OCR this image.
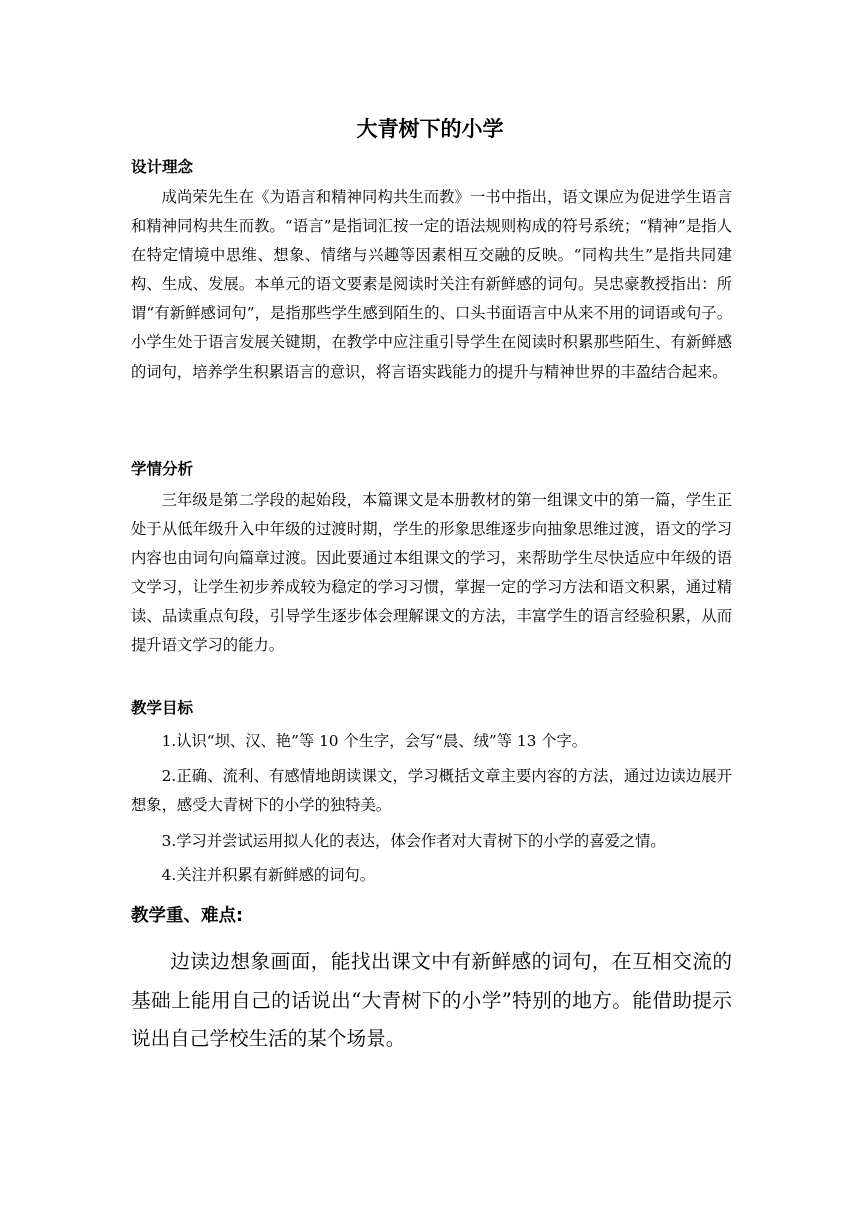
大青树下的小学
设计理念

成尚荣先生在《为语言和精神同构共生而教》一书中指出，语文课应为促进学生语言和精神同构共生而教。“语言”是指词汇按一定的语法规则构成的符号系统；“精神”是指人在特定情境中思维、想象、情绪与兴趣等因素相互交融的反映。“同构共生”是指共同建构、生成、发展。本单元的语文要素是阅读时关注有新鲜感的词句。吴忠豪教授指出：所谓“有新鲜感词句”，是指那些学生感到陌生的、口头书面语言中从来不用的词语或句子。小学生处于语言发展关键期，在教学中应注重引导学生在阅读时积累那些陌生、有新鲜感的词句，培养学生积累语言的意识，将言语实践能力的提升与精神世界的丰盈结合起来。

学情分析

三年级是第二学段的起始段，本篇课文是本册教材的第一组课文中的第一篇，学生正处于从低年级升入中年级的过渡时期，学生的形象思维逐步向抽象思维过渡，语文的学习内容也由词句向篇章过渡。因此要通过本组课文的学习，来帮助学生尽快适应中年级的语文学习，让学生初步养成较为稳定的学习习惯，掌握一定的学习方法和语文积累，通过精读、品读重点句段，引导学生逐步体会理解课文的方法，丰富学生的语言经验积累，从而提升语文学习的能力。

教学目标

1.认识“坝、汉、艳”等 10 个生字，会写“晨、绒”等 13 个字。

2.正确、流利、有感情地朗读课文，学习概括文章主要内容的方法，通过边读边展开想象，感受大青树下的小学的独特美。

3.学习并尝试运用拟人化的表达，体会作者对大青树下的小学的喜爱之情。

4.关注并积累有新鲜感的词句。

教学重、难点:

边读边想象画面，能找出课文中有新鲜感的词句，在互相交流的基础上能用自己的话说出“大青树下的小学”特别的地方。能借助提示说出自己学校生活的某个场景。
